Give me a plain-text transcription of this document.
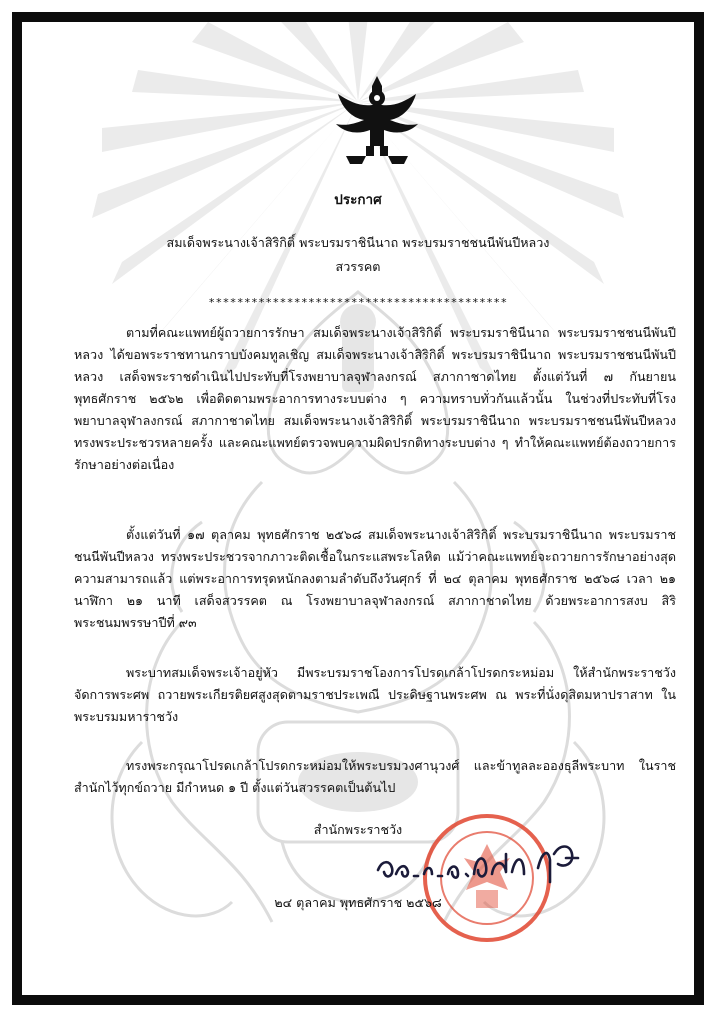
ประกาศ
สมเด็จพระนางเจ้าสิริกิติ์ พระบรมราชินีนาถ พระบรมราชชนนีพันปีหลวง
สวรรคต
******************************************
ตามที่คณะแพทย์ผู้ถวายการรักษา สมเด็จพระนางเจ้าสิริกิติ์ พระบรมราชินีนาถ พระบรมราชชนนีพันปีหลวง ได้ขอพระราชทานกราบบังคมทูลเชิญ สมเด็จพระนางเจ้าสิริกิติ์ พระบรมราชินีนาถ พระบรมราชชนนีพันปีหลวง เสด็จพระราชดำเนินไปประทับที่โรงพยาบาลจุฬาลงกรณ์ สภากาชาดไทย ตั้งแต่วันที่ ๗ กันยายน พุทธศักราช ๒๕๖๒ เพื่อติดตามพระอาการทางระบบต่าง ๆ ความทราบทั่วกันแล้วนั้น ในช่วงที่ประทับที่โรงพยาบาลจุฬาลงกรณ์ สภากาชาดไทย สมเด็จพระนางเจ้าสิริกิติ์ พระบรมราชินีนาถ พระบรมราชชนนีพันปีหลวง ทรงพระประชวรหลายครั้ง และคณะแพทย์ตรวจพบความผิดปรกติทางระบบต่าง ๆ ทำให้คณะแพทย์ต้องถวายการรักษาอย่างต่อเนื่อง
ตั้งแต่วันที่ ๑๗ ตุลาคม พุทธศักราช ๒๕๖๘ สมเด็จพระนางเจ้าสิริกิติ์ พระบรมราชินีนาถ พระบรมราชชนนีพันปีหลวง ทรงพระประชวรจากภาวะติดเชื้อในกระแสพระโลหิต แม้ว่าคณะแพทย์จะถวายการรักษาอย่างสุดความสามารถแล้ว แต่พระอาการทรุดหนักลงตามลำดับถึงวันศุกร์ ที่ ๒๔ ตุลาคม พุทธศักราช ๒๕๖๘ เวลา ๒๑ นาฬิกา ๒๑ นาที เสด็จสวรรคต ณ โรงพยาบาลจุฬาลงกรณ์ สภากาชาดไทย ด้วยพระอาการสงบ สิริพระชนมพรรษาปีที่ ๙๓
พระบาทสมเด็จพระเจ้าอยู่หัว มีพระบรมราชโองการโปรดเกล้าโปรดกระหม่อม ให้สำนักพระราชวัง จัดการพระศพ ถวายพระเกียรติยศสูงสุดตามราชประเพณี ประดิษฐานพระศพ ณ พระที่นั่งดุสิตมหาปราสาท ในพระบรมมหาราชวัง
ทรงพระกรุณาโปรดเกล้าโปรดกระหม่อมให้พระบรมวงศานุวงศ์ และข้าทูลละอองธุลีพระบาท ในราชสำนักไว้ทุกข์ถวาย มีกำหนด ๑ ปี ตั้งแต่วันสวรรคตเป็นต้นไป
สำนักพระราชวัง
๒๔ ตุลาคม พุทธศักราช ๒๕๖๘
